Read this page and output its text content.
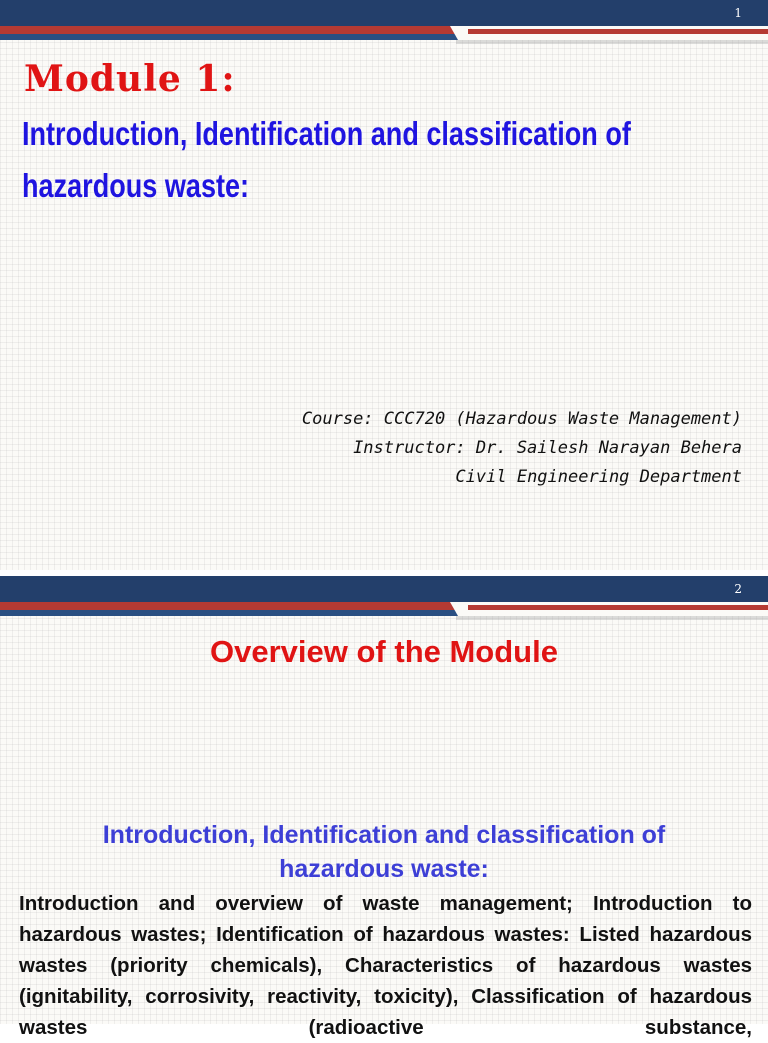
1
Module 1:
Introduction, Identification and classification of hazardous waste:
Course: CCC720 (Hazardous Waste Management)
Instructor: Dr. Sailesh Narayan Behera
Civil Engineering Department
2
Overview of the Module
Introduction, Identification and classification of hazardous waste:
Introduction and overview of waste management; Introduction to hazardous wastes; Identification of hazardous wastes: Listed hazardous wastes (priority chemicals), Characteristics of hazardous wastes (ignitability, corrosivity, reactivity, toxicity), Classification of hazardous wastes (radioactive substance,
